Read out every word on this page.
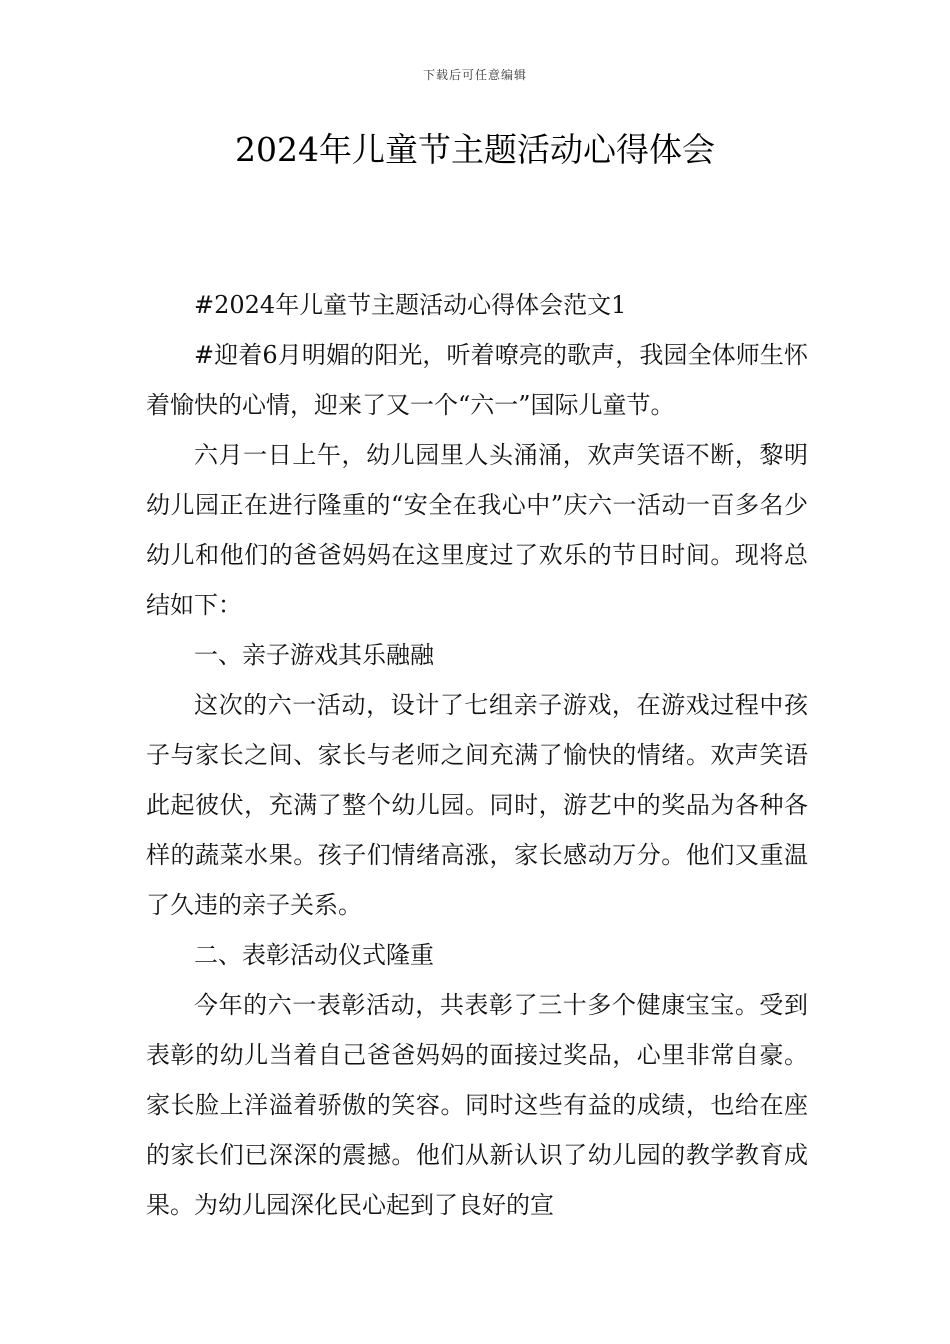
下载后可任意编辑
2024年儿童节主题活动心得体会

#2024年儿童节主题活动心得体会范文1

#迎着6月明媚的阳光，听着嘹亮的歌声，我园全体师生怀着愉快的心情，迎来了又一个“六一”国际儿童节。

六月一日上午，幼儿园里人头涌涌，欢声笑语不断，黎明幼儿园正在进行隆重的“安全在我心中”庆六一活动一百多名少幼儿和他们的爸爸妈妈在这里度过了欢乐的节日时间。现将总结如下：

一、亲子游戏其乐融融

这次的六一活动，设计了七组亲子游戏，在游戏过程中孩子与家长之间、家长与老师之间充满了愉快的情绪。欢声笑语此起彼伏，充满了整个幼儿园。同时，游艺中的奖品为各种各样的蔬菜水果。孩子们情绪高涨，家长感动万分。他们又重温了久违的亲子关系。

二、表彰活动仪式隆重

今年的六一表彰活动，共表彰了三十多个健康宝宝。受到表彰的幼儿当着自己爸爸妈妈的面接过奖品，心里非常自豪。家长脸上洋溢着骄傲的笑容。同时这些有益的成绩，也给在座的家长们已深深的震撼。他们从新认识了幼儿园的教学教育成果。为幼儿园深化民心起到了良好的宣
